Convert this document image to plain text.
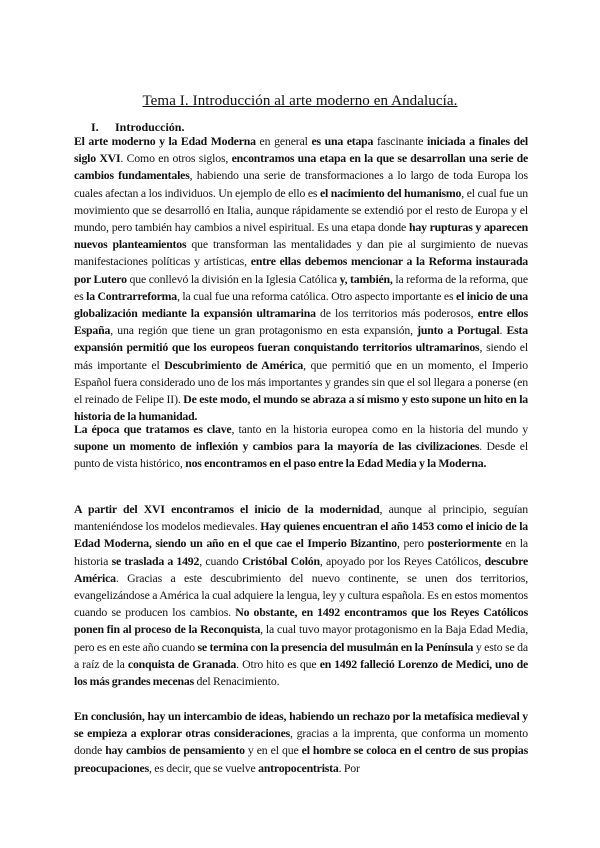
Tema I. Introducción al arte moderno en Andalucía.
I. Introducción.

El arte moderno y la Edad Moderna en general es una etapa fascinante iniciada a finales del siglo XVI. Como en otros siglos, encontramos una etapa en la que se desarrollan una serie de cambios fundamentales, habiendo una serie de transformaciones a lo largo de toda Europa los cuales afectan a los individuos. Un ejemplo de ello es el nacimiento del humanismo, el cual fue un movimiento que se desarrolló en Italia, aunque rápidamente se extendió por el resto de Europa y el mundo, pero también hay cambios a nivel espiritual. Es una etapa donde hay rupturas y aparecen nuevos planteamientos que transforman las mentalidades y dan pie al surgimiento de nuevas manifestaciones políticas y artísticas, entre ellas debemos mencionar a la Reforma instaurada por Lutero que conllevó la división en la Iglesia Católica y, también, la reforma de la reforma, que es la Contrarreforma, la cual fue una reforma católica. Otro aspecto importante es el inicio de una globalización mediante la expansión ultramarina de los territorios más poderosos, entre ellos España, una región que tiene un gran protagonismo en esta expansión, junto a Portugal. Esta expansión permitió que los europeos fueran conquistando territorios ultramarinos, siendo el más importante el Descubrimiento de América, que permitió que en un momento, el Imperio Español fuera considerado uno de los más importantes y grandes sin que el sol llegara a ponerse (en el reinado de Felipe II). De este modo, el mundo se abraza a sí mismo y esto supone un hito en la historia de la humanidad.

La época que tratamos es clave, tanto en la historia europea como en la historia del mundo y supone un momento de inflexión y cambios para la mayoría de las civilizaciones. Desde el punto de vista histórico, nos encontramos en el paso entre la Edad Media y la Moderna.

A partir del XVI encontramos el inicio de la modernidad, aunque al principio, seguían manteniéndose los modelos medievales. Hay quienes encuentran el año 1453 como el inicio de la Edad Moderna, siendo un año en el que cae el Imperio Bizantino, pero posteriormente en la historia se traslada a 1492, cuando Cristóbal Colón, apoyado por los Reyes Católicos, descubre América. Gracias a este descubrimiento del nuevo continente, se unen dos territorios, evangelizándose a América la cual adquiere la lengua, ley y cultura española. Es en estos momentos cuando se producen los cambios. No obstante, en 1492 encontramos que los Reyes Católicos ponen fin al proceso de la Reconquista, la cual tuvo mayor protagonismo en la Baja Edad Media, pero es en este año cuando se termina con la presencia del musulmán en la Península y esto se da a raíz de la conquista de Granada. Otro hito es que en 1492 falleció Lorenzo de Medici, uno de los más grandes mecenas del Renacimiento.

En conclusión, hay un intercambio de ideas, habiendo un rechazo por la metafísica medieval y se empieza a explorar otras consideraciones, gracias a la imprenta, que conforma un momento donde hay cambios de pensamiento y en el que el hombre se coloca en el centro de sus propias preocupaciones, es decir, que se vuelve antropocentrista. Por
